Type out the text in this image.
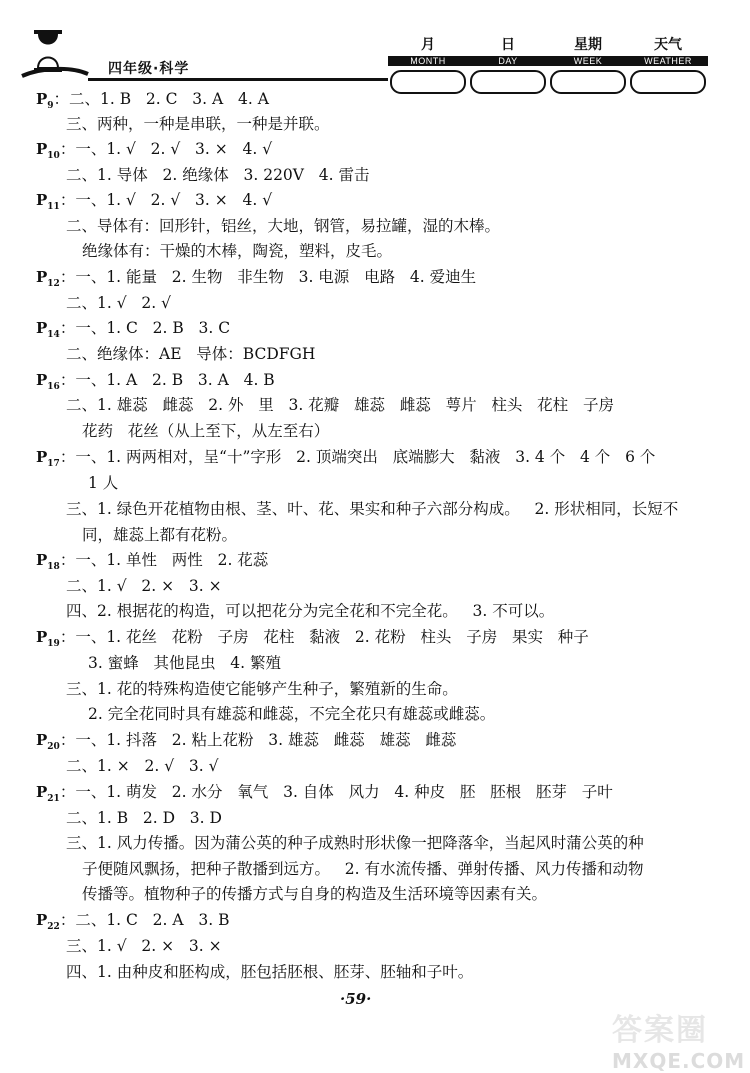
四年级·科学
月
MONTH
日
DAY
星期
WEEK
天气
WEATHER
$P_9$：二、1. B   2. C   3. A   4. A
三、两种，一种是串联，一种是并联。
$P_{10}$：一、1. √   2. √   3. ×   4. √
二、1. 导体   2. 绝缘体   3. 220V   4. 雷击
$P_{11}$：一、1. √   2. √   3. ×   4. √
二、导体有：回形针，铝丝，大地，钢管，易拉罐，湿的木棒。
绝缘体有：干燥的木棒，陶瓷，塑料，皮毛。
$P_{12}$：一、1. 能量   2. 生物   非生物   3. 电源   电路   4. 爱迪生
二、1. √   2. √
$P_{14}$：一、1. C   2. B   3. C
二、绝缘体：AE   导体：BCDFGH
$P_{16}$：一、1. A   2. B   3. A   4. B
二、1. 雄蕊   雌蕊   2. 外   里   3. 花瓣   雄蕊   雌蕊   萼片   柱头   花柱   子房
花药   花丝（从上至下，从左至右）
$P_{17}$：一、1. 两两相对，呈“十”字形   2. 顶端突出   底端膨大   黏液   3. 4 个   4 个   6 个
1 人
三、1. 绿色开花植物由根、茎、叶、花、果实和种子六部分构成。   2. 形状相同，长短不
同，雄蕊上都有花粉。
$P_{18}$：一、1. 单性   两性   2. 花蕊
二、1. √   2. ×   3. ×
四、2. 根据花的构造，可以把花分为完全花和不完全花。   3. 不可以。
$P_{19}$：一、1. 花丝   花粉   子房   花柱   黏液   2. 花粉   柱头   子房   果实   种子
3. 蜜蜂   其他昆虫   4. 繁殖
三、1. 花的特殊构造使它能够产生种子，繁殖新的生命。
2. 完全花同时具有雄蕊和雌蕊，不完全花只有雄蕊或雌蕊。
$P_{20}$：一、1. 抖落   2. 粘上花粉   3. 雄蕊   雌蕊   雄蕊   雌蕊
二、1. ×   2. √   3. √
$P_{21}$：一、1. 萌发   2. 水分   氧气   3. 自体   风力   4. 种皮   胚   胚根   胚芽   子叶
二、1. B   2. D   3. D
三、1. 风力传播。因为蒲公英的种子成熟时形状像一把降落伞，当起风时蒲公英的种
子便随风飘扬，把种子散播到远方。   2. 有水流传播、弹射传播、风力传播和动物
传播等。植物种子的传播方式与自身的构造及生活环境等因素有关。
$P_{22}$：二、1. C   2. A   3. B
三、1. √   2. ×   3. ×
四、1. 由种皮和胚构成，胚包括胚根、胚芽、胚轴和子叶。
·59·
答案圈
MXQE.COM
